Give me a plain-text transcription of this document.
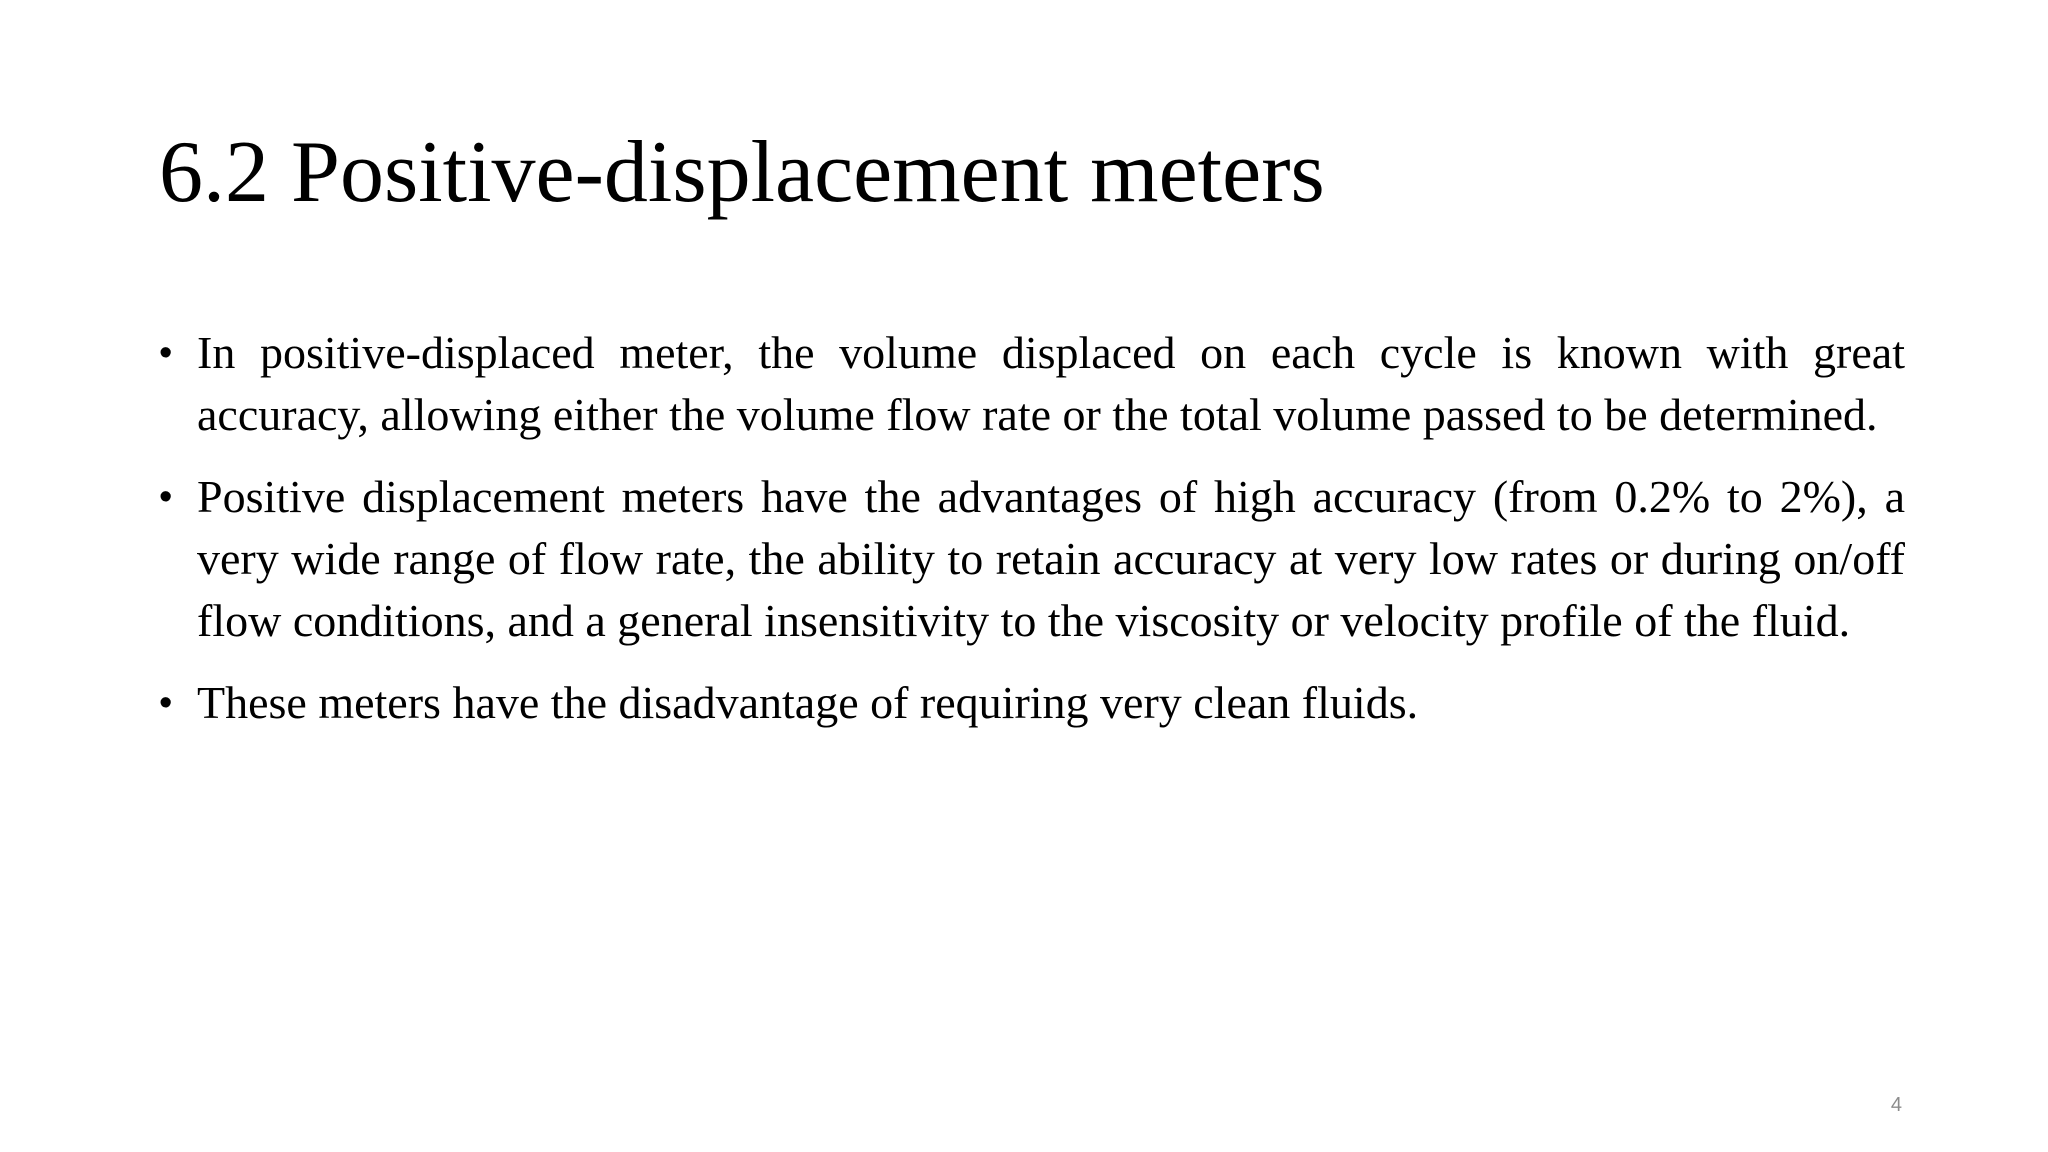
6.2 Positive-displacement meters
• In positive-displaced meter, the volume displaced on each cycle is known with great accuracy, allowing either the volume flow rate or the total volume passed to be determined.
• Positive displacement meters have the advantages of high accuracy (from 0.2% to 2%), a very wide range of flow rate, the ability to retain accuracy at very low rates or during on/off flow conditions, and a general insensitivity to the viscosity or velocity profile of the fluid.
• These meters have the disadvantage of requiring very clean fluids.
4
